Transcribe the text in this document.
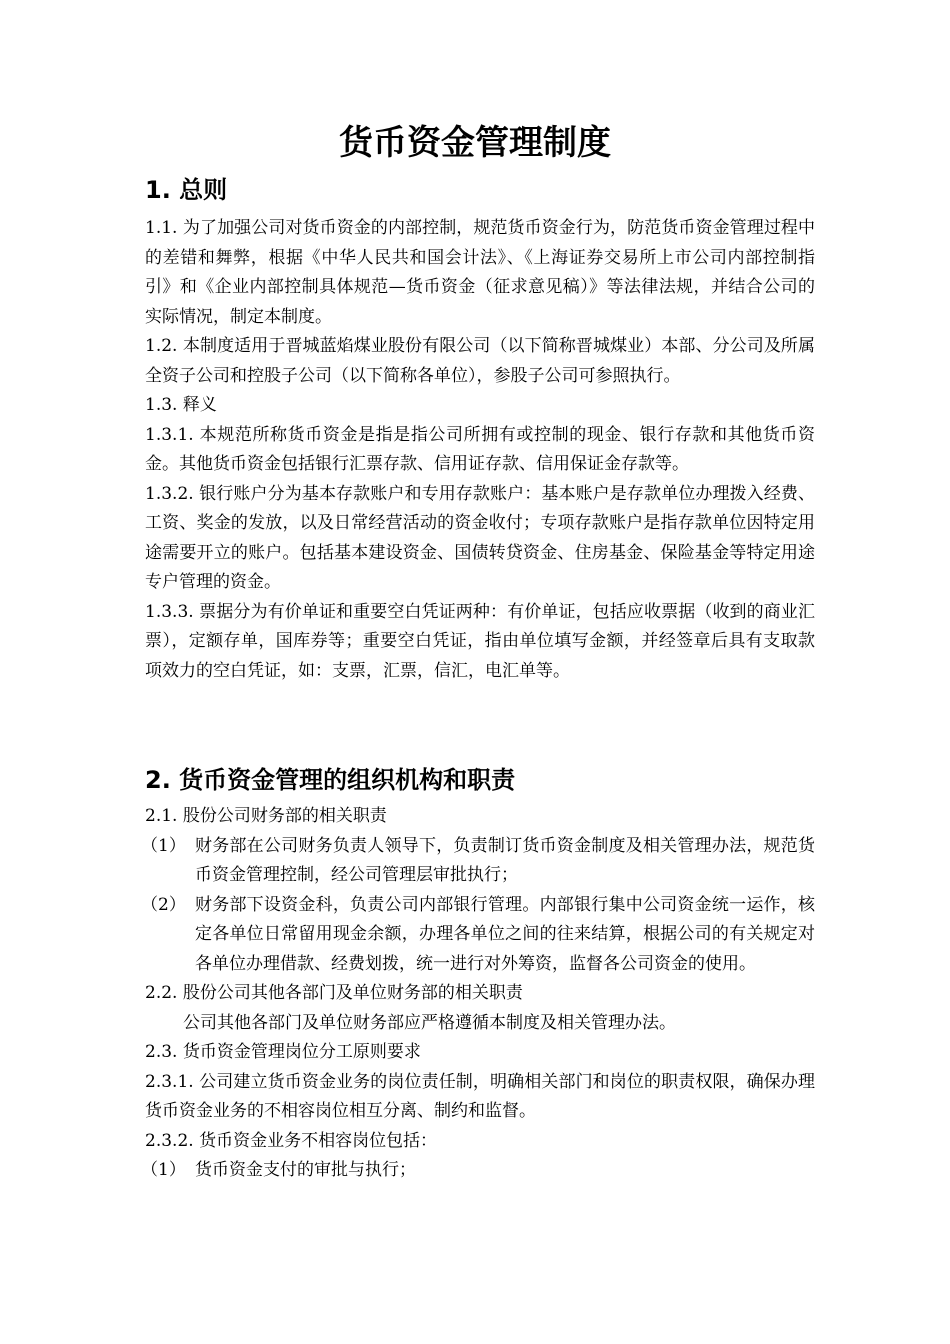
货币资金管理制度
1. 总则

1.1. 为了加强公司对货币资金的内部控制，规范货币资金行为，防范货币资金管理过程中的差错和舞弊，根据《中华人民共和国会计法》、《上海证券交易所上市公司内部控制指引》和《企业内部控制具体规范—货币资金（征求意见稿）》等法律法规，并结合公司的实际情况，制定本制度。

1.2. 本制度适用于晋城蓝焰煤业股份有限公司（以下简称晋城煤业）本部、分公司及所属全资子公司和控股子公司（以下简称各单位），参股子公司可参照执行。

1.3. 释义

1.3.1. 本规范所称货币资金是指是指公司所拥有或控制的现金、银行存款和其他货币资金。其他货币资金包括银行汇票存款、信用证存款、信用保证金存款等。

1.3.2. 银行账户分为基本存款账户和专用存款账户：基本账户是存款单位办理拨入经费、工资、奖金的发放，以及日常经营活动的资金收付；专项存款账户是指存款单位因特定用途需要开立的账户。包括基本建设资金、国债转贷资金、住房基金、保险基金等特定用途专户管理的资金。

1.3.3. 票据分为有价单证和重要空白凭证两种：有价单证，包括应收票据（收到的商业汇票），定额存单，国库券等；重要空白凭证，指由单位填写金额，并经签章后具有支取款项效力的空白凭证，如：支票，汇票，信汇，电汇单等。

2. 货币资金管理的组织机构和职责

2.1. 股份公司财务部的相关职责

（1） 财务部在公司财务负责人领导下，负责制订货币资金制度及相关管理办法，规范货币资金管理控制，经公司管理层审批执行；
（2） 财务部下设资金科，负责公司内部银行管理。内部银行集中公司资金统一运作，核定各单位日常留用现金余额，办理各单位之间的往来结算，根据公司的有关规定对各单位办理借款、经费划拨，统一进行对外筹资，监督各公司资金的使用。

2.2. 股份公司其他各部门及单位财务部的相关职责

公司其他各部门及单位财务部应严格遵循本制度及相关管理办法。

2.3. 货币资金管理岗位分工原则要求

2.3.1. 公司建立货币资金业务的岗位责任制，明确相关部门和岗位的职责权限，确保办理货币资金业务的不相容岗位相互分离、制约和监督。

2.3.2. 货币资金业务不相容岗位包括：

（1） 货币资金支付的审批与执行；
